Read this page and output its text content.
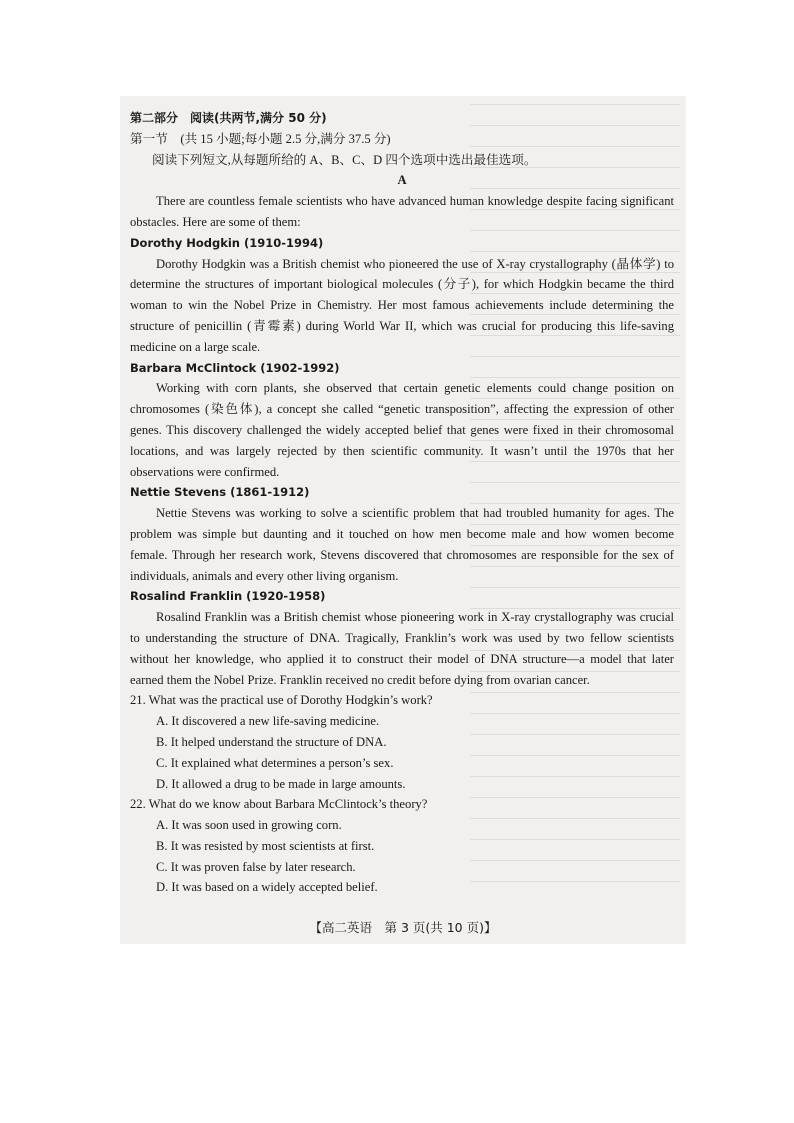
第二部分　阅读(共两节,满分 50 分)

第一节　(共 15 小题;每小题 2.5 分,满分 37.5 分)

阅读下列短文,从每题所给的 A、B、C、D 四个选项中选出最佳选项。

A

There are countless female scientists who have advanced human knowledge despite facing significant obstacles. Here are some of them:

Dorothy Hodgkin (1910-1994)

Dorothy Hodgkin was a British chemist who pioneered the use of X-ray crystallography (晶体学) to determine the structures of important biological molecules (分子), for which Hodgkin became the third woman to win the Nobel Prize in Chemistry. Her most famous achievements include determining the structure of penicillin (青霉素) during World War II, which was crucial for producing this life-saving medicine on a large scale.

Barbara McClintock (1902-1992)

Working with corn plants, she observed that certain genetic elements could change position on chromosomes (染色体), a concept she called “genetic transposition”, affecting the expression of other genes. This discovery challenged the widely accepted belief that genes were fixed in their chromosomal locations, and was largely rejected by then scientific community. It wasn’t until the 1970s that her observations were confirmed.

Nettie Stevens (1861-1912)

Nettie Stevens was working to solve a scientific problem that had troubled humanity for ages. The problem was simple but daunting and it touched on how men become male and how women become female. Through her research work, Stevens discovered that chromosomes are responsible for the sex of individuals, animals and every other living organism.

Rosalind Franklin (1920-1958)

Rosalind Franklin was a British chemist whose pioneering work in X-ray crystallography was crucial to understanding the structure of DNA. Tragically, Franklin’s work was used by two fellow scientists without her knowledge, who applied it to construct their model of DNA structure—a model that later earned them the Nobel Prize. Franklin received no credit before dying from ovarian cancer.

21. What was the practical use of Dorothy Hodgkin’s work?

A. It discovered a new life-saving medicine.

B. It helped understand the structure of DNA.

C. It explained what determines a person’s sex.

D. It allowed a drug to be made in large amounts.

22. What do we know about Barbara McClintock’s theory?

A. It was soon used in growing corn.

B. It was resisted by most scientists at first.

C. It was proven false by later research.

D. It was based on a widely accepted belief.

【高二英语　第 3 页(共 10 页)】
